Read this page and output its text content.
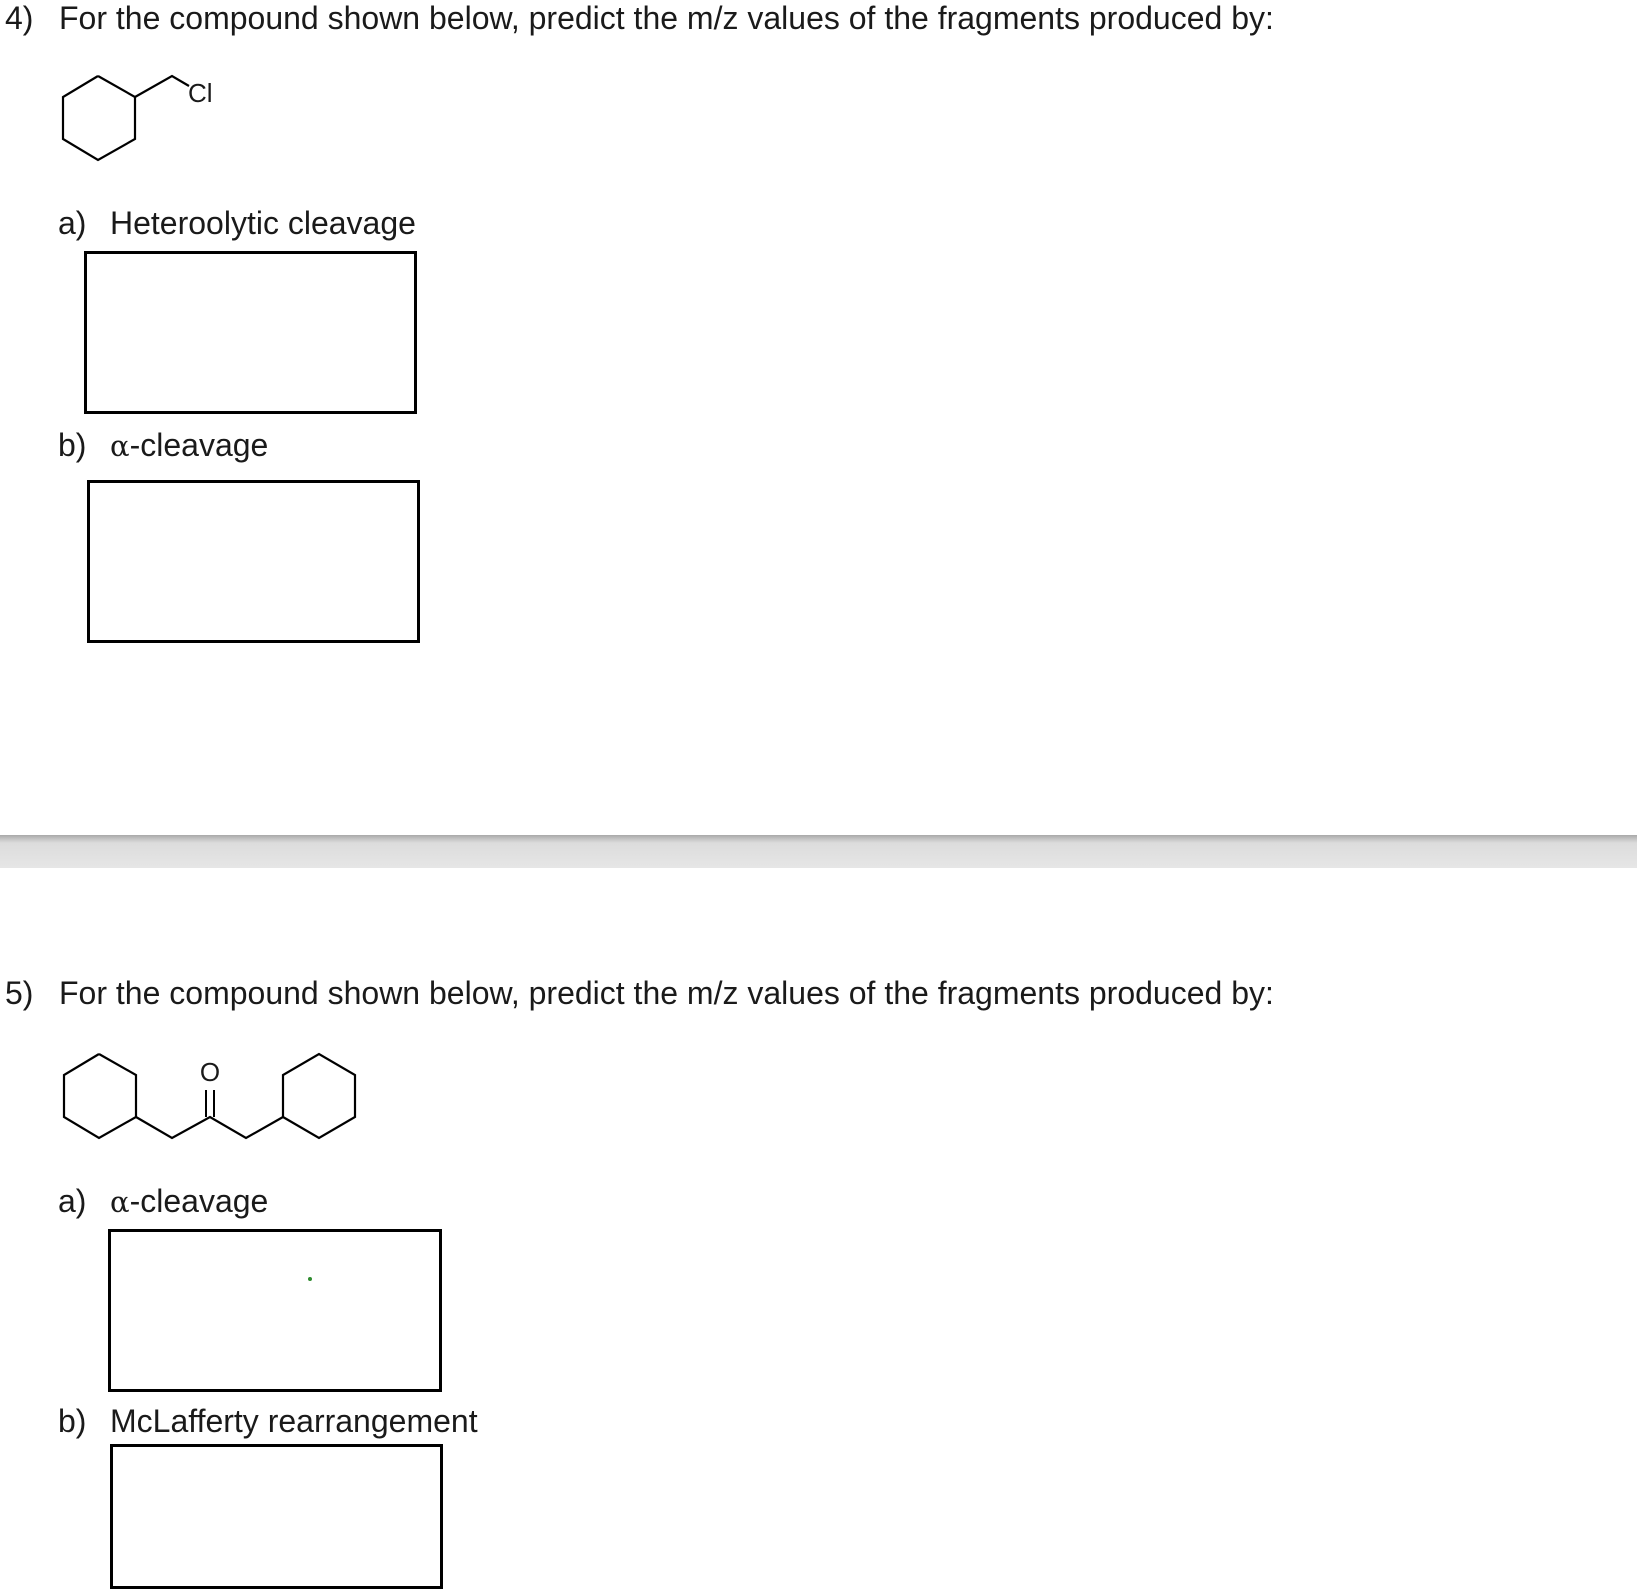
4) For the compound shown below, predict the m/z values of the fragments produced by:
Cl
a) Heteroolytic cleavage
b) α-cleavage
5) For the compound shown below, predict the m/z values of the fragments produced by:
O
a) α-cleavage
b) McLafferty rearrangement
